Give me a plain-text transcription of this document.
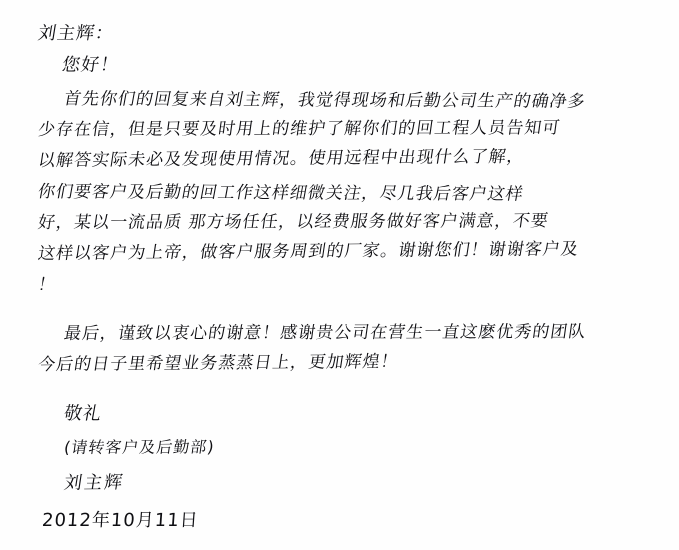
刘主辉：
您好！
首先你们的回复来自刘主辉，我觉得现场和后勤公司生产的确净多
少存在信，但是只要及时用上的维护了解你们的回工程人员告知可
以解答实际未必及发现使用情况。使用远程中出现什么了解，
你们要客户及后勤的回工作这样细微关注，尽几我后客户这样
好，某以一流品质 那方场任任，以经费服务做好客户满意，不要
这样以客户为上帝，做客户服务周到的厂家。谢谢您们！谢谢客户及
！
最后，谨致以衷心的谢意！感谢贵公司在营生一直这麽优秀的团队
今后的日子里希望业务蒸蒸日上，更加辉煌！
敬礼
(请转客户及后勤部)
刘主辉
2012年10月11日
